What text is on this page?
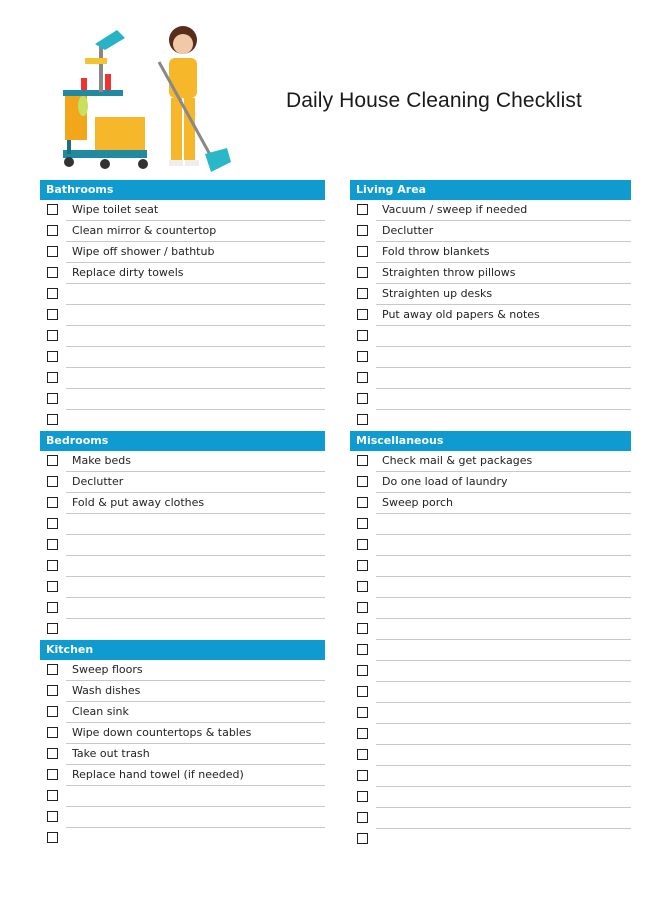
Daily House Cleaning Checklist
Bathrooms
Wipe toilet seat
Clean mirror & countertop
Wipe off shower / bathtub
Replace dirty towels
Bedrooms
Make beds
Declutter
Fold & put away clothes
Kitchen
Sweep floors
Wash dishes
Clean sink
Wipe down countertops & tables
Take out trash
Replace hand towel (if needed)
Living Area
Vacuum / sweep if needed
Declutter
Fold throw blankets
Straighten throw pillows
Straighten up desks
Put away old papers & notes
Miscellaneous
Check mail & get packages
Do one load of laundry
Sweep porch
